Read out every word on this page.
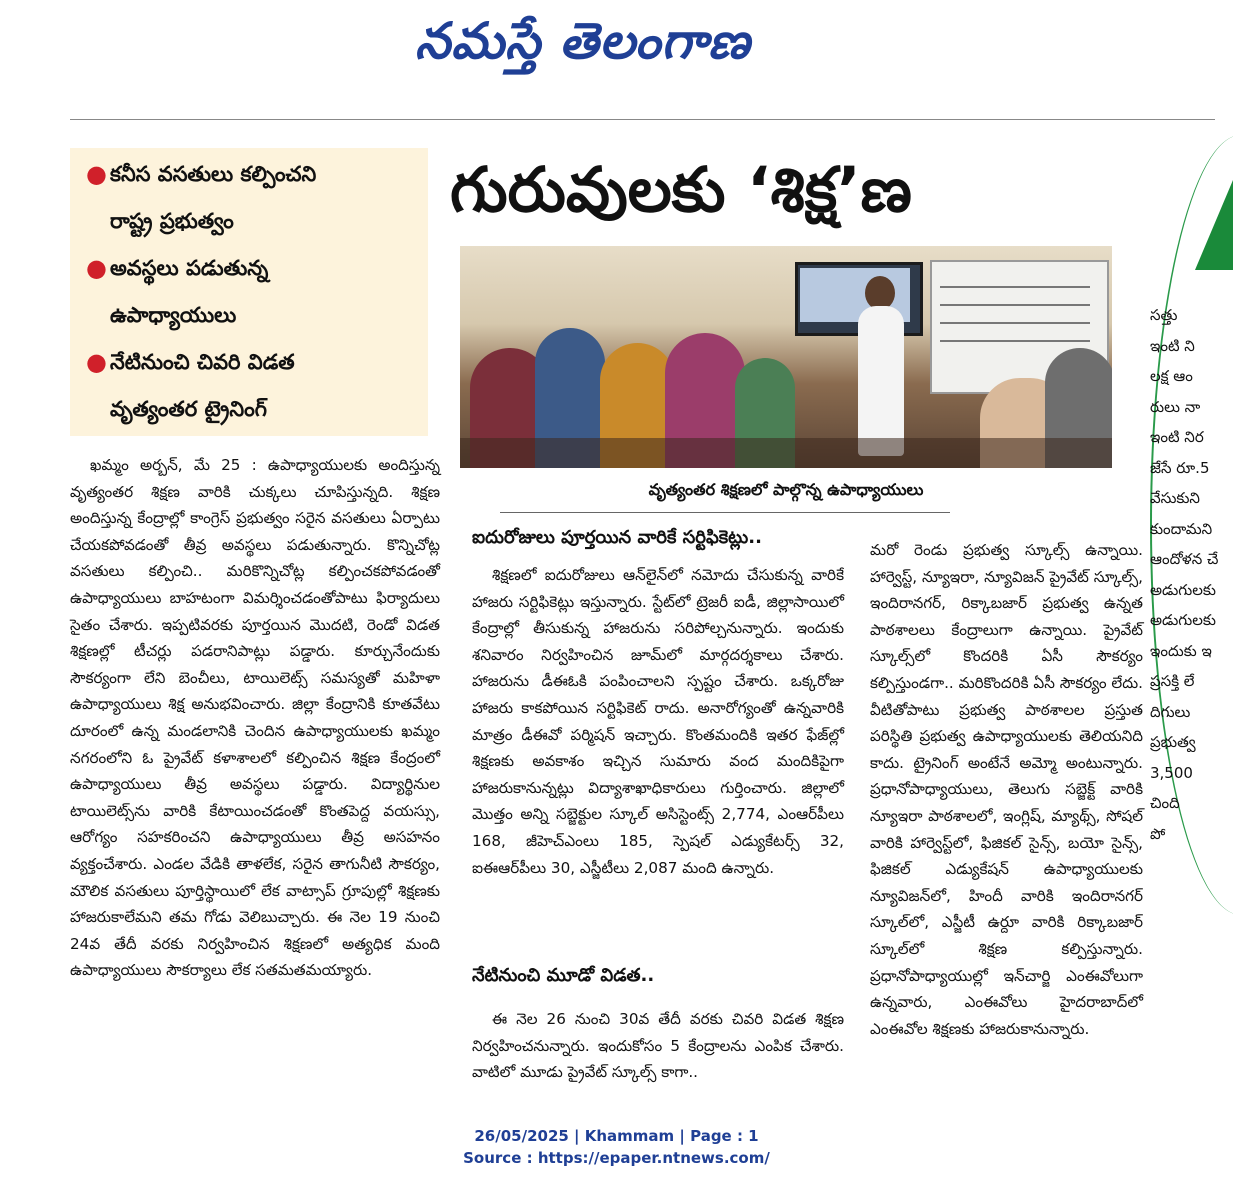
నమస్తే తెలంగాణ
● కనీస వసతులు కల్పించని
రాష్ట్ర ప్రభుత్వం
● అవస్థలు పడుతున్న
ఉపాధ్యాయులు
● నేటినుంచి చివరి విడత
వృత్యంతర ట్రైనింగ్
గురువులకు ‘శిక్ష’ణ
వృత్యంతర శిక్షణలో పాల్గొన్న ఉపాధ్యాయులు

ఖమ్మం అర్బన్, మే 25 : ఉపాధ్యాయులకు అందిస్తున్న వృత్యంతర శిక్షణ వారికి చుక్కలు చూపిస్తున్నది. శిక్షణ అందిస్తున్న కేంద్రాల్లో కాంగ్రెస్ ప్రభుత్వం సరైన వసతులు ఏర్పాటు చేయకపోవడంతో తీవ్ర అవస్థలు పడుతున్నారు. కొన్నిచోట్ల వసతులు కల్పించి.. మరికొన్నిచోట్ల కల్పించకపోవడంతో ఉపాధ్యాయులు బాహటంగా విమర్శించడంతోపాటు ఫిర్యాదులు సైతం చేశారు. ఇప్పటివరకు పూర్తయిన మొదటి, రెండో విడత శిక్షణల్లో టీచర్లు పడరానిపాట్లు పడ్డారు. కూర్చునేందుకు సౌకర్యంగా లేని బెంచీలు, టాయిలెట్స్ సమస్యతో మహిళా ఉపాధ్యాయులు శిక్ష అనుభవించారు. జిల్లా కేంద్రానికి కూతవేటు దూరంలో ఉన్న మండలానికి చెందిన ఉపాధ్యాయులకు ఖమ్మం నగరంలోని ఓ ప్రైవేట్ కళాశాలలో కల్పించిన శిక్షణ కేంద్రంలో ఉపాధ్యాయులు తీవ్ర అవస్థలు పడ్డారు. విద్యార్థినుల టాయిలెట్స్‌ను వారికి కేటాయించడంతో కొంతపెద్ద వయస్సు, ఆరోగ్యం సహకరించని ఉపాధ్యాయులు తీవ్ర అసహనం వ్యక్తంచేశారు. ఎండల వేడికి తాళలేక, సరైన తాగునీటి సౌకర్యం, మౌలిక వసతులు పూర్తిస్థాయిలో లేక వాట్సాప్ గ్రూపుల్లో శిక్షణకు హాజరుకాలేమని తమ గోడు వెలిబుచ్చారు. ఈ నెల 19 నుంచి 24వ తేదీ వరకు నిర్వహించిన శిక్షణలో అత్యధిక మంది ఉపాధ్యాయులు సౌకర్యాలు లేక సతమతమయ్యారు.

ఐదురోజులు పూర్తయిన వారికే సర్టిఫికెట్లు..

శిక్షణలో ఐదురోజులు ఆన్‌లైన్‌లో నమోదు చేసుకున్న వారికే హాజరు సర్టిఫికెట్లు ఇస్తున్నారు. స్టేట్‌లో ట్రెజరీ ఐడీ, జిల్లాసాయిలో కేంద్రాల్లో తీసుకున్న హాజరును సరిపోల్చనున్నారు. ఇందుకు శనివారం నిర్వహించిన జూమ్‌లో మార్గదర్శకాలు చేశారు. హాజరును డీఈఓకి పంపించాలని స్పష్టం చేశారు. ఒక్కరోజు హాజరు కాకపోయిన సర్టిఫికెట్ రాదు. అనారోగ్యంతో ఉన్నవారికి మాత్రం డీఈవో పర్మిషన్ ఇచ్చారు. కొంతమందికి ఇతర ఫేజ్‌ల్లో శిక్షణకు అవకాశం ఇచ్చిన సుమారు వంద మందికిపైగా హాజరుకానున్నట్లు విద్యాశాఖాధికారులు గుర్తించారు. జిల్లాలో మొత్తం అన్ని సబ్జెక్టుల స్కూల్ అసిస్టెంట్స్ 2,774, ఎంఆర్‌పీలు 168, జీహెచ్‌ఎంలు 185, స్పెషల్ ఎడ్యుకేటర్స్ 32, ఐఈఆర్‌పీలు 30, ఎస్జీటీలు 2,087 మంది ఉన్నారు.

నేటినుంచి మూడో విడత..

ఈ నెల 26 నుంచి 30వ తేదీ వరకు చివరి విడత శిక్షణ నిర్వహించనున్నారు. ఇందుకోసం 5 కేంద్రాలను ఎంపిక చేశారు. వాటిలో మూడు ప్రైవేట్ స్కూల్స్ కాగా..

మరో రెండు ప్రభుత్వ స్కూల్స్ ఉన్నాయి. హార్వెస్ట్, న్యూఇరా, న్యూవిజన్ ప్రైవేట్ స్కూల్స్, ఇందిరానగర్, రిక్కాబజార్ ప్రభుత్వ ఉన్నత పాఠశాలలు కేంద్రాలుగా ఉన్నాయి. ప్రైవేట్ స్కూల్స్‌లో కొందరికి ఏసీ సౌకర్యం కల్పిస్తుండగా.. మరికొందరికి ఏసీ సౌకర్యం లేదు. వీటితోపాటు ప్రభుత్వ పాఠశాలల ప్రస్తుత పరిస్థితి ప్రభుత్వ ఉపాధ్యాయులకు తెలియనిది కాదు. ట్రైనింగ్ అంటేనే అమ్మో అంటున్నారు. ప్రధానోపాధ్యాయులు, తెలుగు సబ్జెక్ట్ వారికి న్యూఇరా పాఠశాలలో, ఇంగ్లిష్, మ్యాథ్స్, సోషల్ వారికి హార్వెస్ట్‌లో, ఫిజికల్ సైన్స్, బయో సైన్స్, ఫిజికల్ ఎడ్యుకేషన్ ఉపాధ్యాయులకు న్యూవిజన్‌లో, హిందీ వారికి ఇందిరానగర్ స్కూల్‌లో, ఎస్జీటీ ఉర్దూ వారికి రిక్కాబజార్ స్కూల్‌లో శిక్షణ కల్పిస్తున్నారు. ప్రధానోపాధ్యాయుల్లో ఇన్‌చార్జి ఎంఈవోలుగా ఉన్నవారు, ఎంఈవోలు హైదరాబాద్‌లో ఎంఈవోల శిక్షణకు హాజరుకానున్నారు.

సత్తు
ఇంటి ని
లక్ష ఆం
రులు నా
ఇంటి నిర
జేసే రూ.5
వేసుకుని
కుందామని
ఆందోళన చే
అడుగులకు
అడుగులకు
ఇందుకు ఇ
ప్రసక్తి లే
దిగులు
ప్రభుత్వ
3,500
చింది
పో
26/05/2025 | Khammam | Page : 1
Source : https://epaper.ntnews.com/
